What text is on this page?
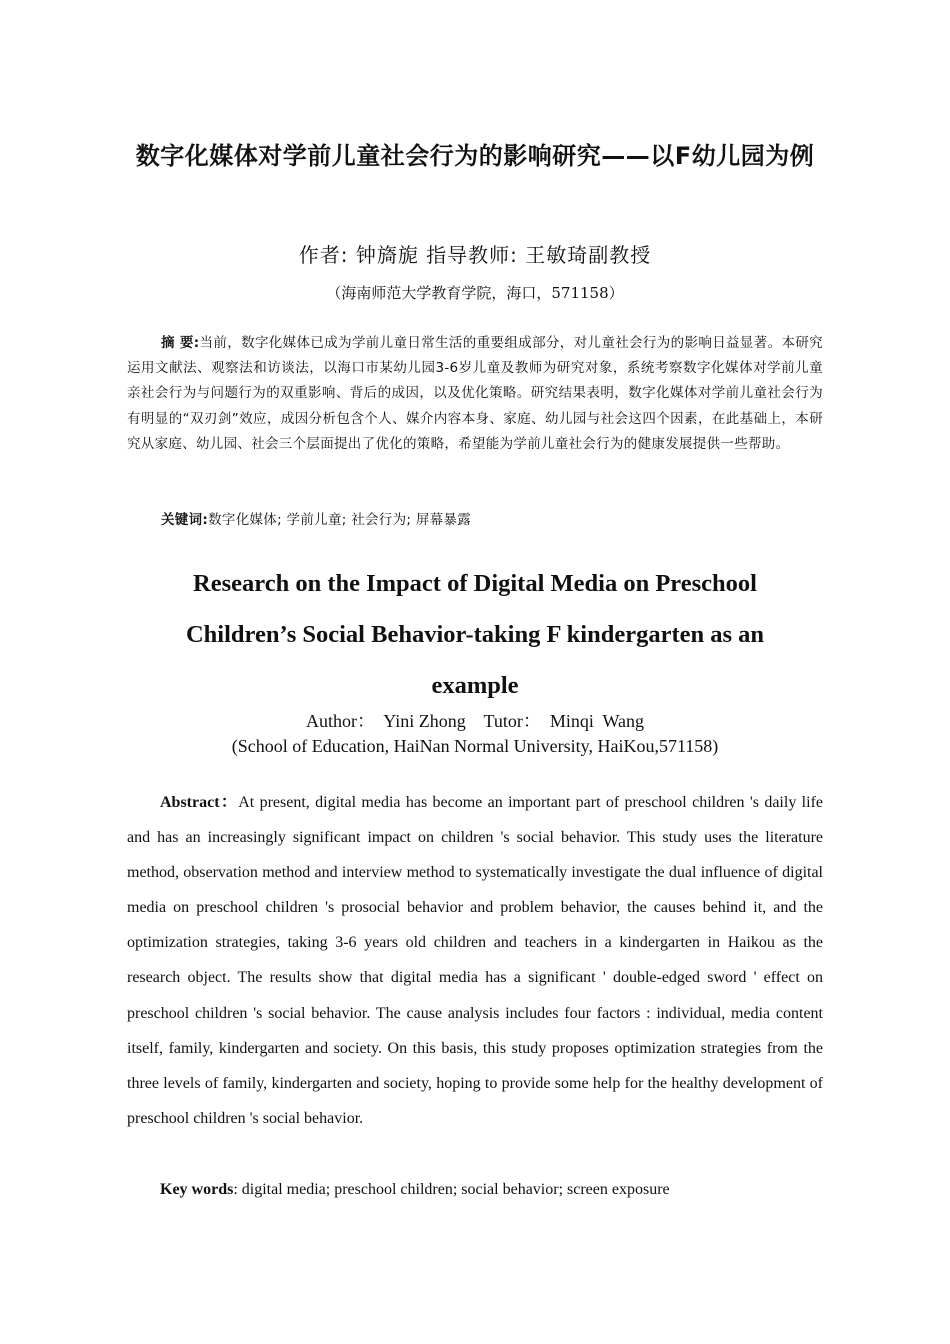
数字化媒体对学前儿童社会行为的影响研究——以F幼儿园为例
作者: 钟旖旎 指导教师: 王敏琦副教授
（海南师范大学教育学院，海口，571158）
摘 要:当前，数字化媒体已成为学前儿童日常生活的重要组成部分，对儿童社会行为的影响日益显著。本研究运用文献法、观察法和访谈法，以海口市某幼儿园3-6岁儿童及教师为研究对象，系统考察数字化媒体对学前儿童亲社会行为与问题行为的双重影响、背后的成因，以及优化策略。研究结果表明，数字化媒体对学前儿童社会行为有明显的“双刃剑”效应，成因分析包含个人、媒介内容本身、家庭、幼儿园与社会这四个因素，在此基础上，本研究从家庭、幼儿园、社会三个层面提出了优化的策略，希望能为学前儿童社会行为的健康发展提供一些帮助。
关键词:数字化媒体; 学前儿童; 社会行为; 屏幕暴露
Research on the Impact of Digital Media on Preschool Children’s Social Behavior-taking F kindergarten as an example
Author：  Yini Zhong    Tutor：  Minqi  Wang
(School of Education, HaiNan Normal University, HaiKou,571158)
Abstract：At present, digital media has become an important part of preschool children 's daily life and has an increasingly significant impact on children 's social behavior. This study uses the literature method, observation method and interview method to systematically investigate the dual influence of digital media on preschool children 's prosocial behavior and problem behavior, the causes behind it, and the optimization strategies, taking 3-6 years old children and teachers in a kindergarten in Haikou as the research object. The results show that digital media has a significant ' double-edged sword ' effect on preschool children 's social behavior. The cause analysis includes four factors : individual, media content itself, family, kindergarten and society. On this basis, this study proposes optimization strategies from the three levels of family, kindergarten and society, hoping to provide some help for the healthy development of preschool children 's social behavior.
Key words: digital media; preschool children; social behavior; screen exposure
